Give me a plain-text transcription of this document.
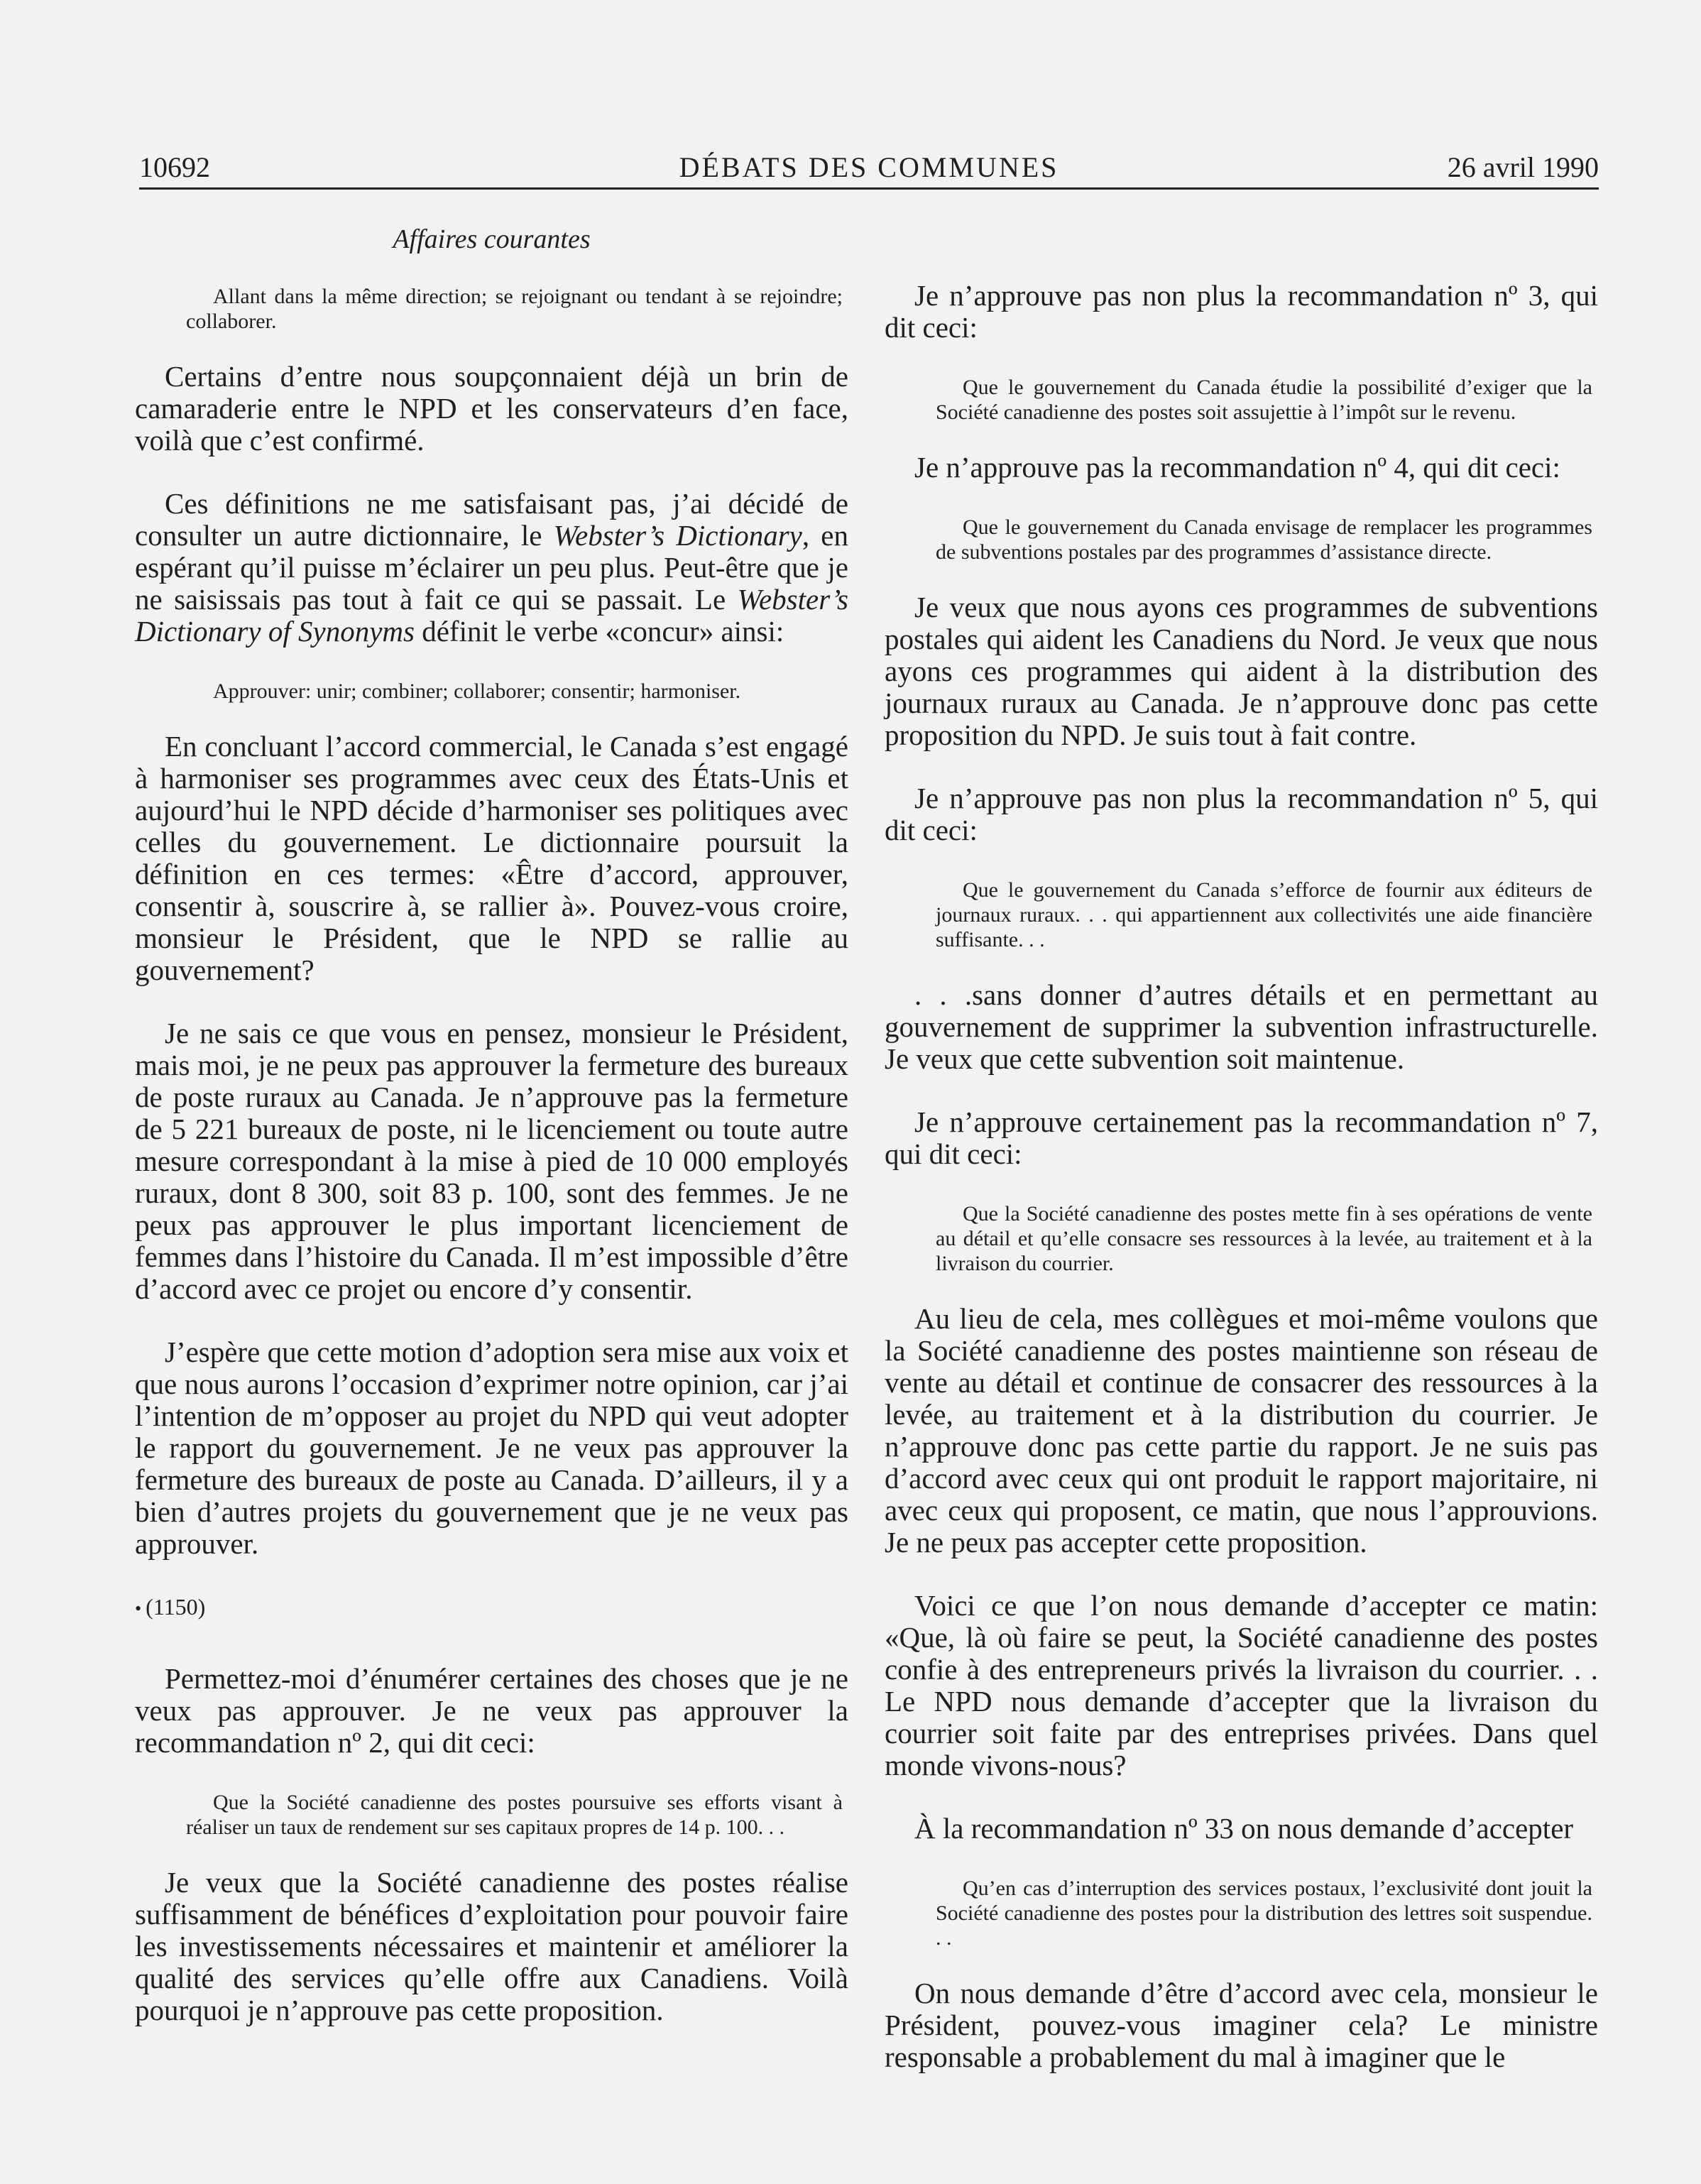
10692	DÉBATS DES COMMUNES	26 avril 1990
Affaires courantes

Allant dans la même direction; se rejoignant ou tendant à se rejoindre; collaborer.

Certains d’entre nous soupçonnaient déjà un brin de camaraderie entre le NPD et les conservateurs d’en face, voilà que c’est confirmé.

Ces définitions ne me satisfaisant pas, j’ai décidé de consulter un autre dictionnaire, le Webster’s Dictionary, en espérant qu’il puisse m’éclairer un peu plus. Peut-être que je ne saisissais pas tout à fait ce qui se passait. Le Webster’s Dictionary of Synonyms définit le verbe «concur» ainsi:

Approuver: unir; combiner; collaborer; consentir; harmoniser.

En concluant l’accord commercial, le Canada s’est engagé à harmoniser ses programmes avec ceux des États-Unis et aujourd’hui le NPD décide d’harmoniser ses politiques avec celles du gouvernement. Le dictionnaire poursuit la définition en ces termes: «Être d’accord, approuver, consentir à, souscrire à, se rallier à». Pouvez-vous croire, monsieur le Président, que le NPD se rallie au gouvernement?

Je ne sais ce que vous en pensez, monsieur le Président, mais moi, je ne peux pas approuver la fermeture des bureaux de poste ruraux au Canada. Je n’approuve pas la fermeture de 5 221 bureaux de poste, ni le licenciement ou toute autre mesure correspondant à la mise à pied de 10 000 employés ruraux, dont 8 300, soit 83 p. 100, sont des femmes. Je ne peux pas approuver le plus important licenciement de femmes dans l’histoire du Canada. Il m’est impossible d’être d’accord avec ce projet ou encore d’y consentir.

J’espère que cette motion d’adoption sera mise aux voix et que nous aurons l’occasion d’exprimer notre opinion, car j’ai l’intention de m’opposer au projet du NPD qui veut adopter le rapport du gouvernement. Je ne veux pas approuver la fermeture des bureaux de poste au Canada. D’ailleurs, il y a bien d’autres projets du gouvernement que je ne veux pas approuver.

• (1150)

Permettez-moi d’énumérer certaines des choses que je ne veux pas approuver. Je ne veux pas approuver la recommandation nº 2, qui dit ceci:

Que la Société canadienne des postes poursuive ses efforts visant à réaliser un taux de rendement sur ses capitaux propres de 14 p. 100. . .

Je veux que la Société canadienne des postes réalise suffisamment de bénéfices d’exploitation pour pouvoir faire les investissements nécessaires et maintenir et améliorer la qualité des services qu’elle offre aux Canadiens. Voilà pourquoi je n’approuve pas cette proposition.

Je n’approuve pas non plus la recommandation nº 3, qui dit ceci:

Que le gouvernement du Canada étudie la possibilité d’exiger que la Société canadienne des postes soit assujettie à l’impôt sur le revenu.

Je n’approuve pas la recommandation nº 4, qui dit ceci:

Que le gouvernement du Canada envisage de remplacer les programmes de subventions postales par des programmes d’assistance directe.

Je veux que nous ayons ces programmes de subventions postales qui aident les Canadiens du Nord. Je veux que nous ayons ces programmes qui aident à la distribution des journaux ruraux au Canada. Je n’approuve donc pas cette proposition du NPD. Je suis tout à fait contre.

Je n’approuve pas non plus la recommandation nº 5, qui dit ceci:

Que le gouvernement du Canada s’efforce de fournir aux éditeurs de journaux ruraux. . . qui appartiennent aux collectivités une aide financière suffisante. . .

. . .sans donner d’autres détails et en permettant au gouvernement de supprimer la subvention infrastructurelle. Je veux que cette subvention soit maintenue.

Je n’approuve certainement pas la recommandation nº 7, qui dit ceci:

Que la Société canadienne des postes mette fin à ses opérations de vente au détail et qu’elle consacre ses ressources à la levée, au traitement et à la livraison du courrier.

Au lieu de cela, mes collègues et moi-même voulons que la Société canadienne des postes maintienne son réseau de vente au détail et continue de consacrer des ressources à la levée, au traitement et à la distribution du courrier. Je n’approuve donc pas cette partie du rapport. Je ne suis pas d’accord avec ceux qui ont produit le rapport majoritaire, ni avec ceux qui proposent, ce matin, que nous l’approuvions. Je ne peux pas accepter cette proposition.

Voici ce que l’on nous demande d’accepter ce matin: «Que, là où faire se peut, la Société canadienne des postes confie à des entrepreneurs privés la livraison du courrier. . . Le NPD nous demande d’accepter que la livraison du courrier soit faite par des entreprises privées. Dans quel monde vivons-nous?

À la recommandation nº 33 on nous demande d’accepter

Qu’en cas d’interruption des services postaux, l’exclusivité dont jouit la Société canadienne des postes pour la distribution des lettres soit suspendue. . .

On nous demande d’être d’accord avec cela, monsieur le Président, pouvez-vous imaginer cela? Le ministre responsable a probablement du mal à imaginer que le
